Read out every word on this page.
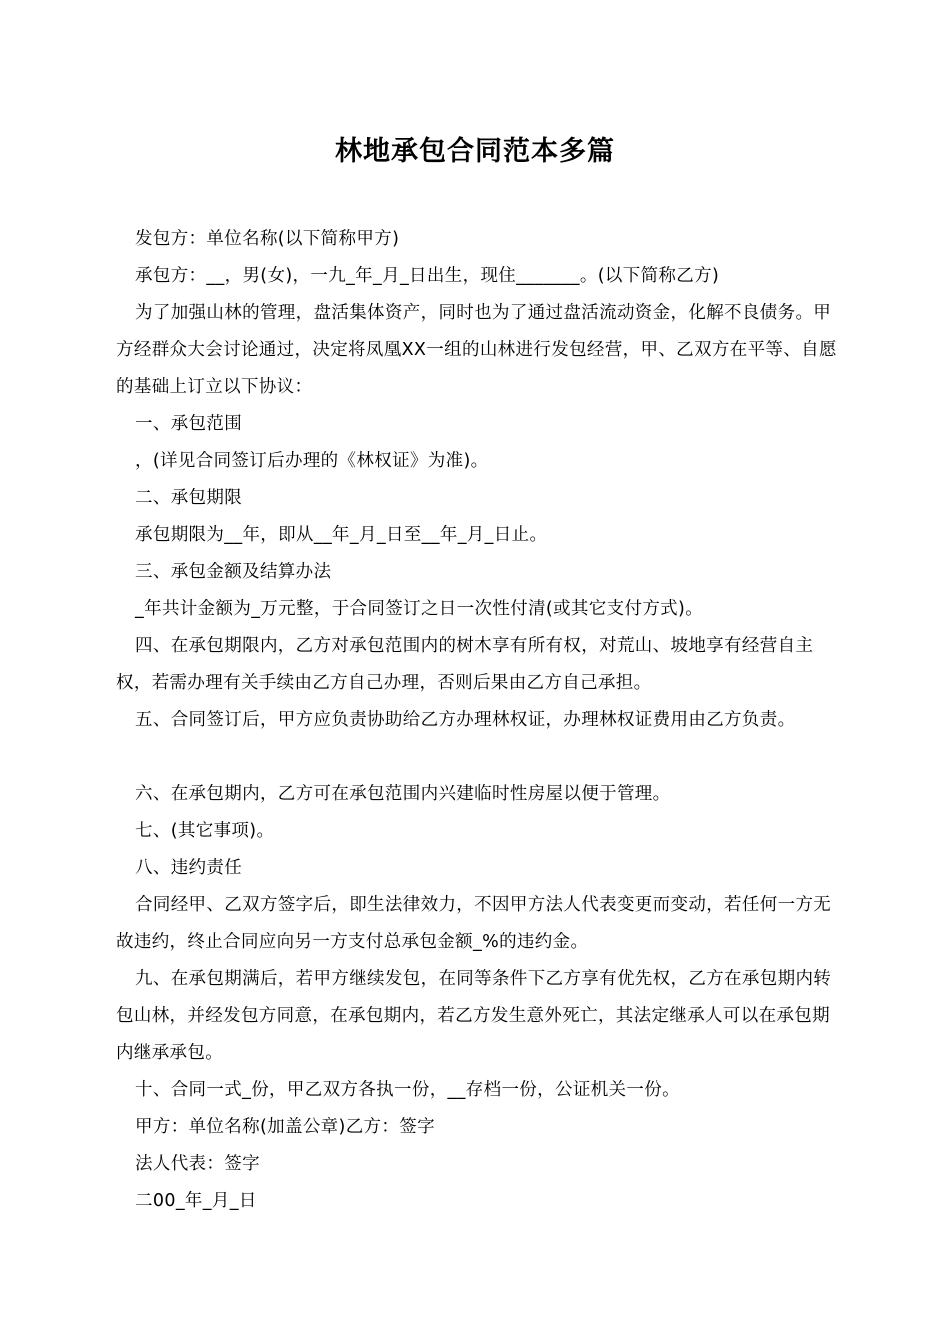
林地承包合同范本多篇

发包方：单位名称(以下简称甲方)

承包方：__，男(女)，一九_年_月_日出生，现住_______。(以下简称乙方)

为了加强山林的管理，盘活集体资产，同时也为了通过盘活流动资金，化解不良债务。甲方经群众大会讨论通过，决定将凤凰XX一组的山林进行发包经营，甲、乙双方在平等、自愿的基础上订立以下协议：

一、承包范围

，(详见合同签订后办理的《林权证》为准)。

二、承包期限

承包期限为__年，即从__年_月_日至__年_月_日止。

三、承包金额及结算办法

_年共计金额为_万元整，于合同签订之日一次性付清(或其它支付方式)。

四、在承包期限内，乙方对承包范围内的树木享有所有权，对荒山、坡地享有经营自主权，若需办理有关手续由乙方自己办理，否则后果由乙方自己承担。

五、合同签订后，甲方应负责协助给乙方办理林权证，办理林权证费用由乙方负责。

六、在承包期内，乙方可在承包范围内兴建临时性房屋以便于管理。

七、(其它事项)。

八、违约责任

合同经甲、乙双方签字后，即生法律效力，不因甲方法人代表变更而变动，若任何一方无故违约，终止合同应向另一方支付总承包金额_%的违约金。

九、在承包期满后，若甲方继续发包，在同等条件下乙方享有优先权，乙方在承包期内转包山林，并经发包方同意，在承包期内，若乙方发生意外死亡，其法定继承人可以在承包期内继承承包。

十、合同一式_份，甲乙双方各执一份，__存档一份，公证机关一份。

甲方：单位名称(加盖公章)乙方：签字

法人代表：签字

二00_年_月_日
